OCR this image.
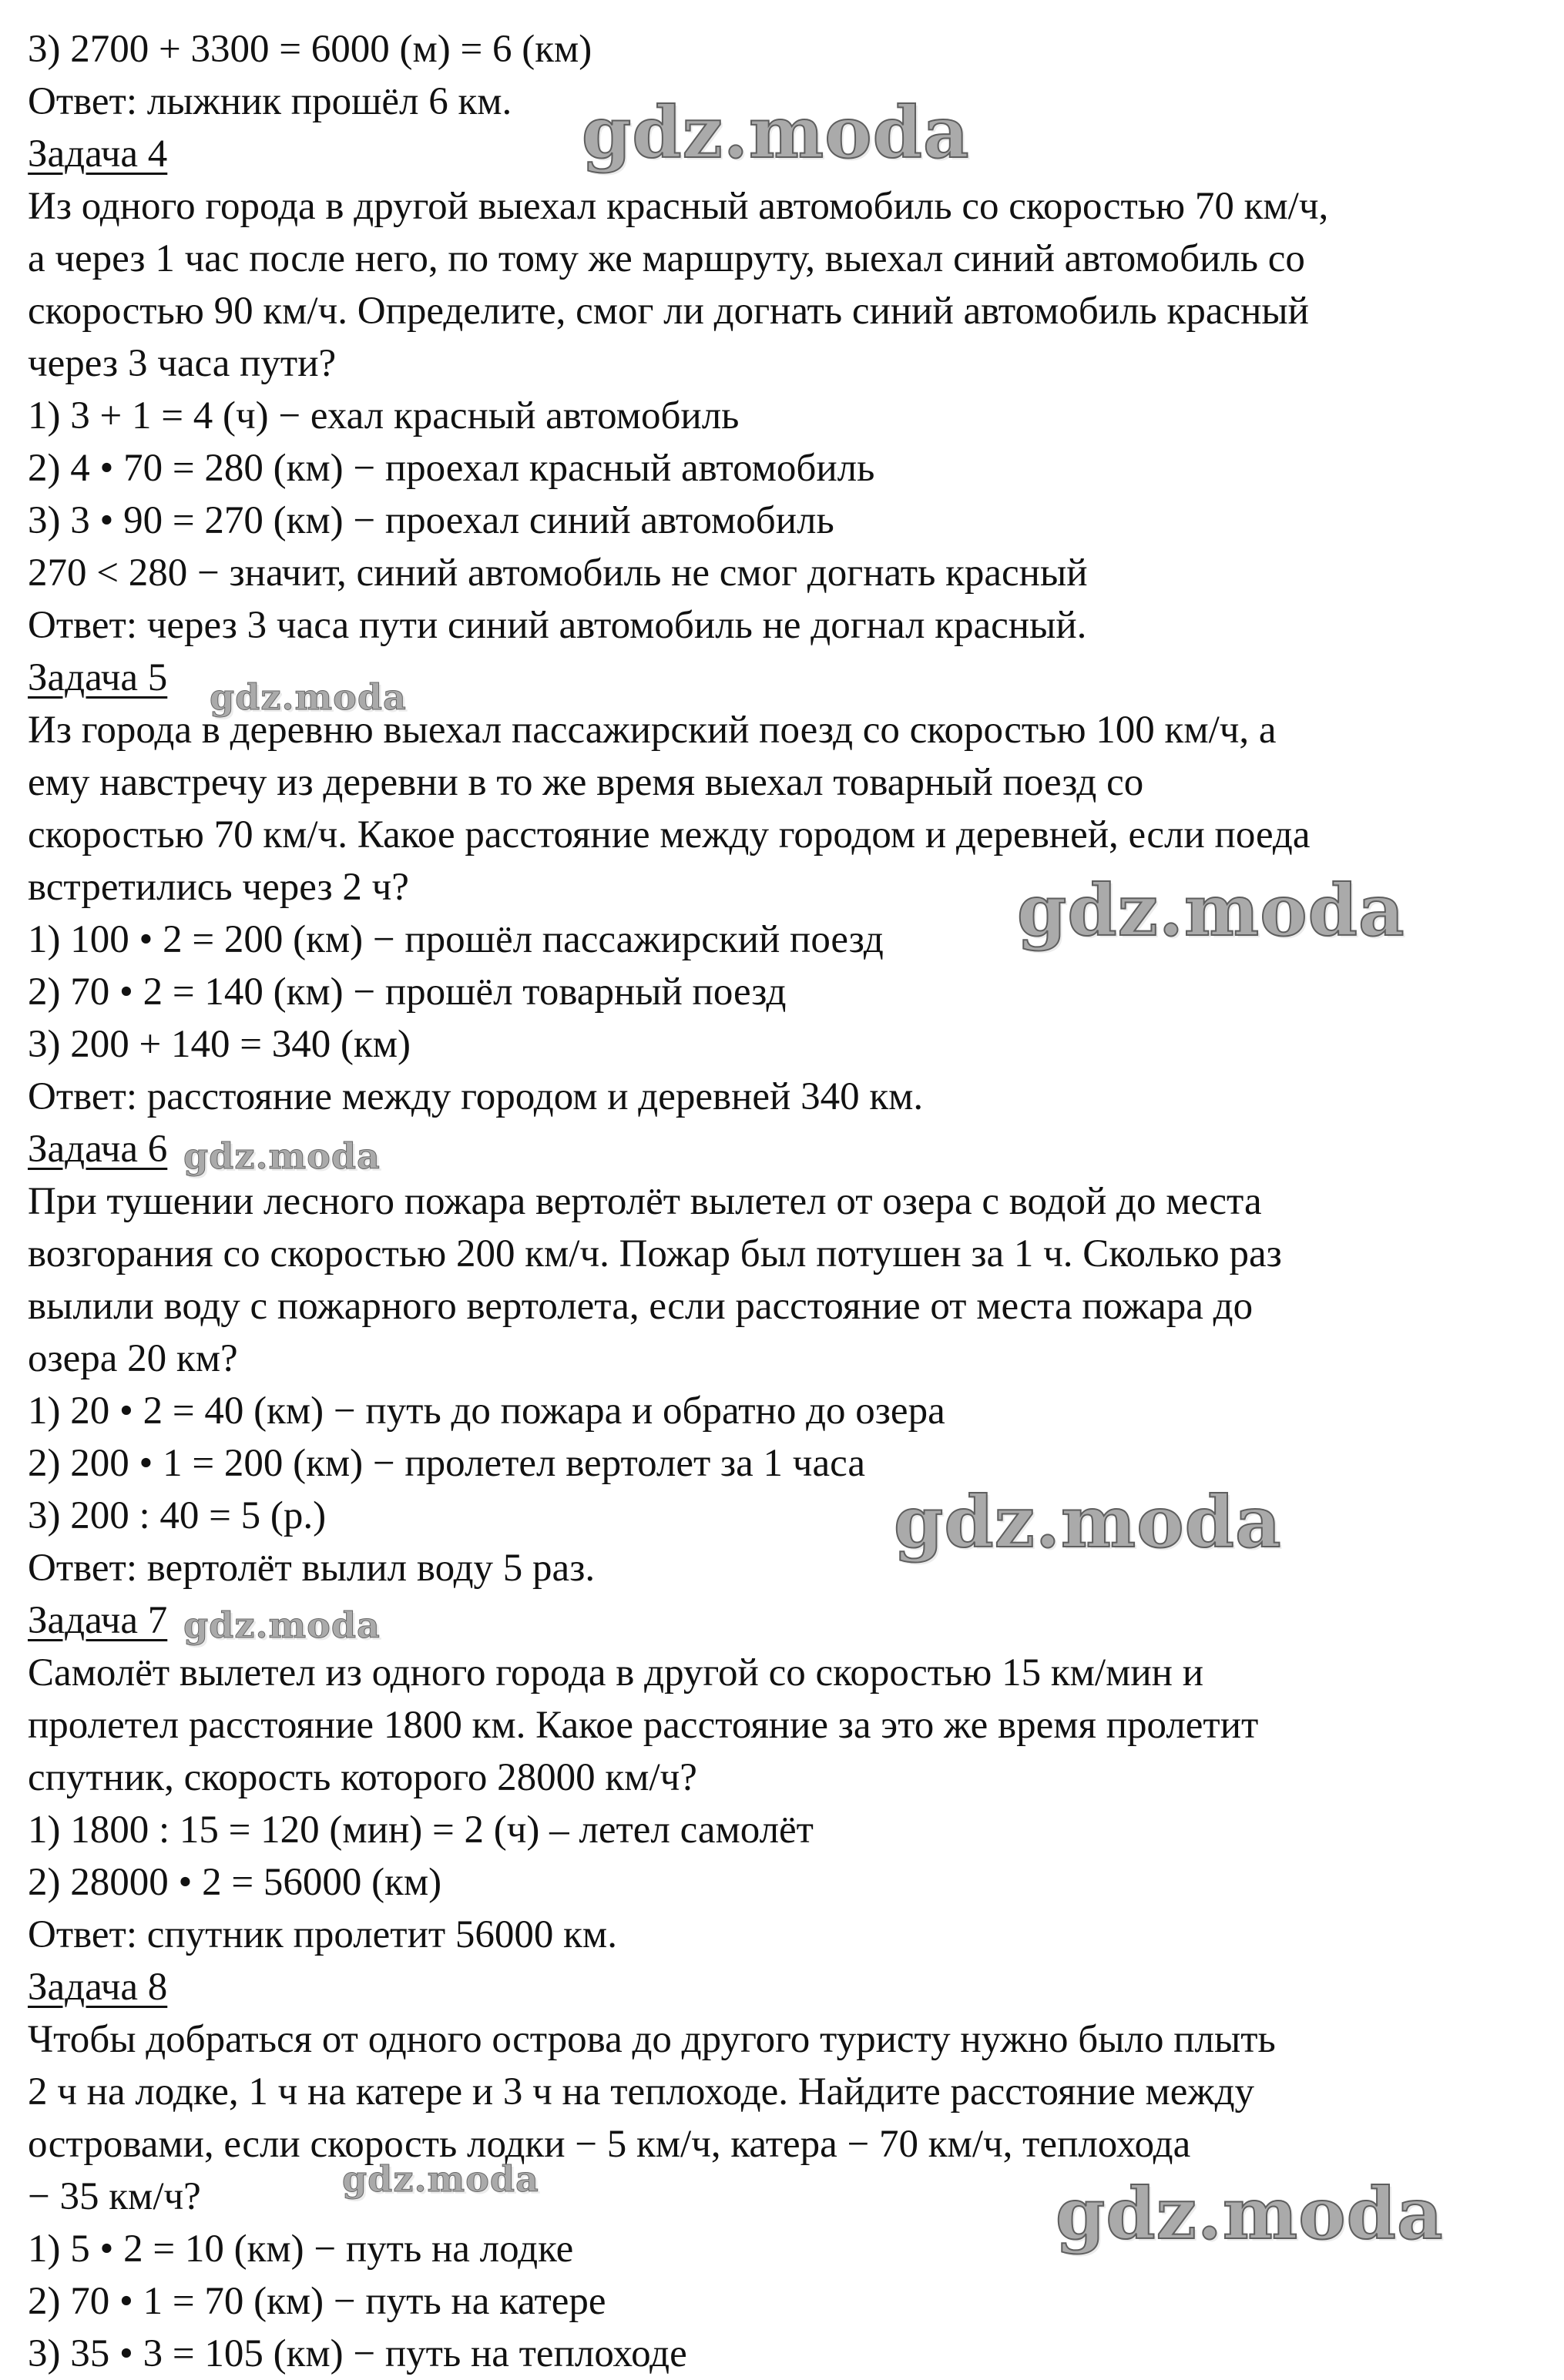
3) 2700 + 3300 = 6000 (м) = 6 (км)

Ответ: лыжник прошёл 6 км.

Задача 4

Из одного города в другой выехал красный автомобиль со скоростью 70 км/ч,

а через 1 час после него, по тому же маршруту, выехал синий автомобиль со

скоростью 90 км/ч. Определите, смог ли догнать синий автомобиль красный

через 3 часа пути?

1) 3 + 1 = 4 (ч) − ехал красный автомобиль

2) 4 • 70 = 280 (км) − проехал красный автомобиль

3) 3 • 90 = 270 (км) − проехал синий автомобиль

270 < 280 − значит, синий автомобиль не смог догнать красный

Ответ: через 3 часа пути синий автомобиль не догнал красный.

Задача 5

Из города в деревню выехал пассажирский поезд со скоростью 100 км/ч, а

ему навстречу из деревни в то же время выехал товарный поезд со

скоростью 70 км/ч. Какое расстояние между городом и деревней, если поеда

встретились через 2 ч?

1) 100 • 2 = 200 (км) − прошёл пассажирский поезд

2) 70 • 2 = 140 (км) − прошёл товарный поезд

3) 200 + 140 = 340 (км)

Ответ: расстояние между городом и деревней 340 км.

Задача 6

При тушении лесного пожара вертолёт вылетел от озера с водой до места

возгорания со скоростью 200 км/ч. Пожар был потушен за 1 ч. Сколько раз

вылили воду с пожарного вертолета, если расстояние от места пожара до

озера 20 км?

1) 20 • 2 = 40 (км) − путь до пожара и обратно до озера

2) 200 • 1 = 200 (км) − пролетел вертолет за 1 часа

3) 200 : 40 = 5 (р.)

Ответ: вертолёт вылил воду 5 раз.

Задача 7

Самолёт вылетел из одного города в другой со скоростью 15 км/мин и

пролетел расстояние 1800 км. Какое расстояние за это же время пролетит

спутник, скорость которого 28000 км/ч?

1) 1800 : 15 = 120 (мин) = 2 (ч) – летел самолёт

2) 28000 • 2 = 56000 (км)

Ответ: спутник пролетит 56000 км.

Задача 8

Чтобы добраться от одного острова до другого туристу нужно было плыть

2 ч на лодке, 1 ч на катере и 3 ч на теплоходе. Найдите расстояние между

островами, если скорость лодки − 5 км/ч, катера − 70 км/ч, теплохода

− 35 км/ч?

1) 5 • 2 = 10 (км) − путь на лодке

2) 70 • 1 = 70 (км) − путь на катере

3) 35 • 3 = 105 (км) − путь на теплоходе

gdz.moda
gdz.moda
gdz.moda
gdz.moda
gdz.moda
gdz.moda
gdz.moda	gdz.moda
